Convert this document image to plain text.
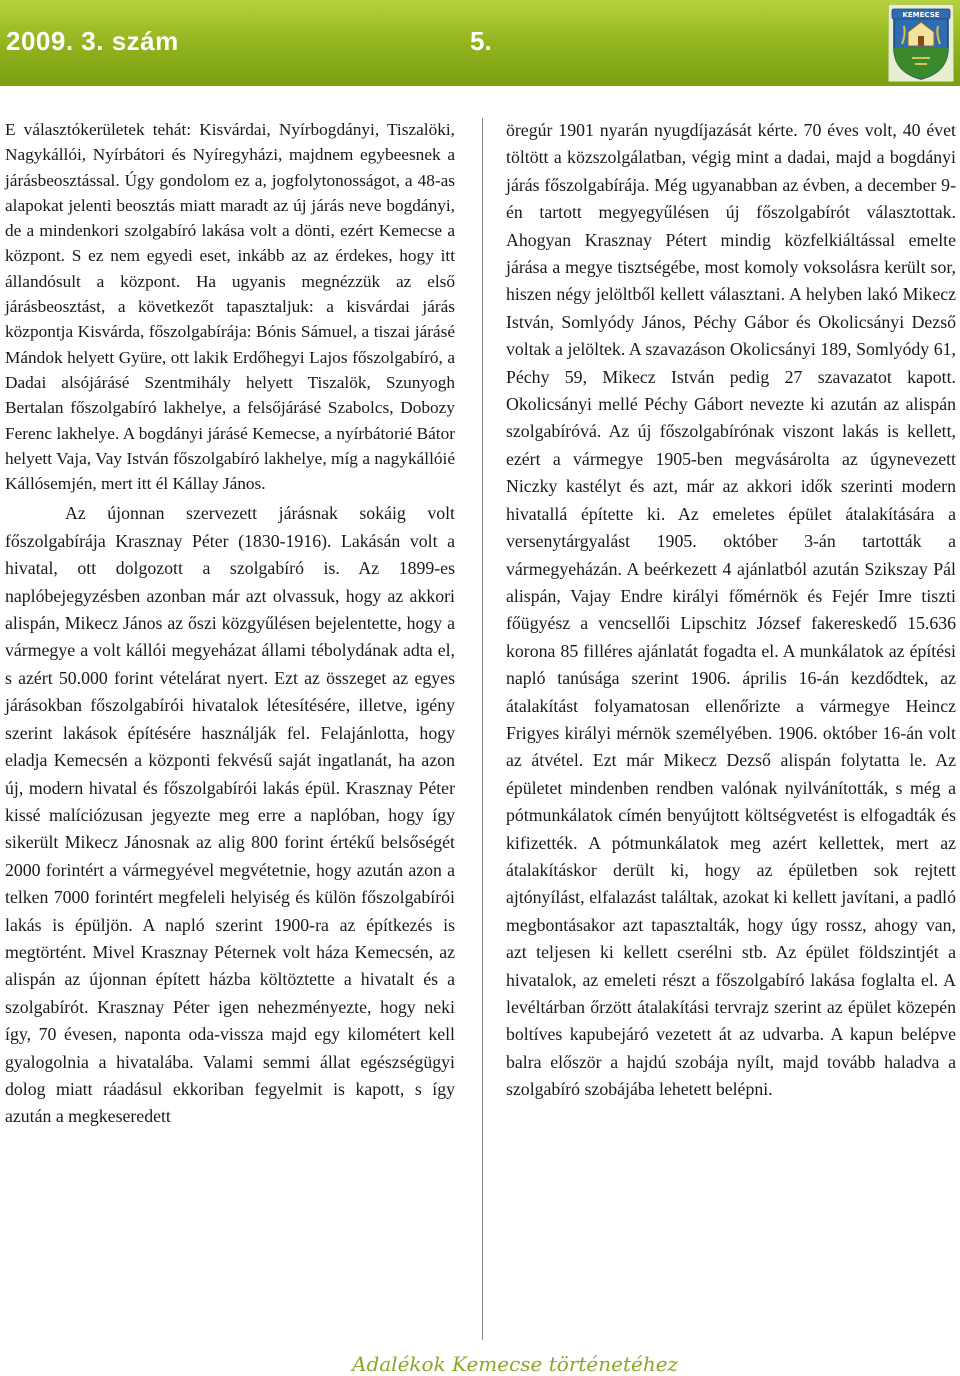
2009. 3. szám	5.
KEMECSE

E választókerületek tehát: Kisvárdai, Nyírbogdányi, Tiszalöki, Nagykállói, Nyírbátori és Nyíregyházi, majdnem egybeesnek a járásbeosztással. Úgy gondolom ez a, jogfolytonosságot, a 48-as alapokat jelenti beosztás miatt maradt az új járás neve bogdányi, de a mindenkori szolgabíró lakása volt a dönti, ezért Kemecse a központ. S ez nem egyedi eset, inkább az az érdekes, hogy itt állandósult a központ. Ha ugyanis megnézzük az első járásbeosztást, a következőt tapasztaljuk: a kisvárdai járás központja Kisvárda, főszolgabírája: Bónis Sámuel, a tiszai járásé Mándok helyett Gyüre, ott lakik Erdőhegyi Lajos főszolgabíró, a Dadai alsójárásé Szentmihály helyett Tiszalök, Szunyogh Bertalan főszolgabíró lakhelye, a felsőjárásé Szabolcs, Dobozy Ferenc lakhelye. A bogdányi járásé Kemecse, a nyírbátorié Bátor helyett Vaja, Vay István főszolgabíró lakhelye, míg a nagykállóié Kállósemjén, mert itt él Kállay János.

Az újonnan szervezett járásnak sokáig volt főszolgabírája Krasznay Péter (1830-1916). Lakásán volt a hivatal, ott dolgozott a szolgabíró is. Az 1899-es naplóbejegyzésben azonban már azt olvassuk, hogy az akkori alispán, Mikecz János az őszi közgyűlésen bejelentette, hogy a vármegye a volt kállói megyeházat állami tébolydának adta el, s azért 50.000 forint vételárat nyert. Ezt az összeget az egyes járásokban főszolgabírói hivatalok létesítésére, illetve, igény szerint lakások építésére használják fel. Felajánlotta, hogy eladja Kemecsén a központi fekvésű saját ingatlanát, ha azon új, modern hivatal és főszolgabírói lakás épül. Krasznay Péter kissé malíciózusan jegyezte meg erre a naplóban, hogy így sikerült Mikecz Jánosnak az alig 800 forint értékű belsőségét 2000 forintért a vármegyével megvétetnie, hogy azután azon a telken 7000 forintért megfeleli helyiség és külön főszolgabírói lakás is épüljön. A napló szerint 1900-ra az építkezés is megtörtént. Mivel Krasznay Péternek volt háza Kemecsén, az alispán az újonnan épített házba költöztette a hivatalt és a szolgabírót. Krasznay Péter igen nehezményezte, hogy neki így, 70 évesen, naponta oda-vissza majd egy kilométert kell gyalogolnia a hivatalába. Valami semmi állat egészségügyi dolog miatt ráadásul ekkoriban fegyelmit is kapott, s így azután a megkeseredett

öregúr 1901 nyarán nyugdíjazását kérte. 70 éves volt, 40 évet töltött a közszolgálatban, végig mint a dadai, majd a bogdányi járás főszolgabírája. Még ugyanabban az évben, a december 9-én tartott megyegyűlésen új főszolgabírót választottak. Ahogyan Krasznay Pétert mindig közfelkiáltással emelte járása a megye tisztségébe, most komoly voksolásra került sor, hiszen négy jelöltből kellett választani. A helyben lakó Mikecz István, Somlyódy János, Péchy Gábor és Okolicsányi Dezső voltak a jelöltek. A szavazáson Okolicsányi 189, Somlyódy 61, Péchy 59, Mikecz István pedig 27 szavazatot kapott. Okolicsányi mellé Péchy Gábort nevezte ki azután az alispán szolgabíróvá. Az új főszolgabírónak viszont lakás is kellett, ezért a vármegye 1905-ben megvásárolta az úgynevezett Niczky kastélyt és azt, már az akkori idők szerinti modern hivatallá építette ki. Az emeletes épület átalakítására a versenytárgyalást 1905. október 3-án tartották a vármegyeházán. A beérkezett 4 ajánlatból azután Szikszay Pál alispán, Vajay Endre királyi főmérnök és Fejér Imre tiszti főügyész a vencsellői Lipschitz József fakereskedő 15.636 korona 85 filléres ajánlatát fogadta el. A munkálatok az építési napló tanúsága szerint 1906. április 16-án kezdődtek, az átalakítást folyamatosan ellenőrizte a vármegye Heincz Frigyes királyi mérnök személyében. 1906. október 16-án volt az átvétel. Ezt már Mikecz Dezső alispán folytatta le. Az épületet mindenben rendben valónak nyilvánították, s még a pótmunkálatok címén benyújtott költségvetést is elfogadták és kifizették. A pótmunkálatok meg azért kellettek, mert az átalakításkor derült ki, hogy az épületben sok rejtett ajtónyílást, elfalazást találtak, azokat ki kellett javítani, a padló megbontásakor azt tapasztalták, hogy úgy rossz, ahogy van, azt teljesen ki kellett cserélni stb. Az épület földszintjét a hivatalok, az emeleti részt a főszolgabíró lakása foglalta el. A levéltárban őrzött átalakítási tervrajz szerint az épület közepén boltíves kapubejáró vezetett át az udvarba. A kapun belépve balra először a hajdú szobája nyílt, majd tovább haladva a szolgabíró szobájába lehetett belépni.

Adalékok Kemecse történetéhez
